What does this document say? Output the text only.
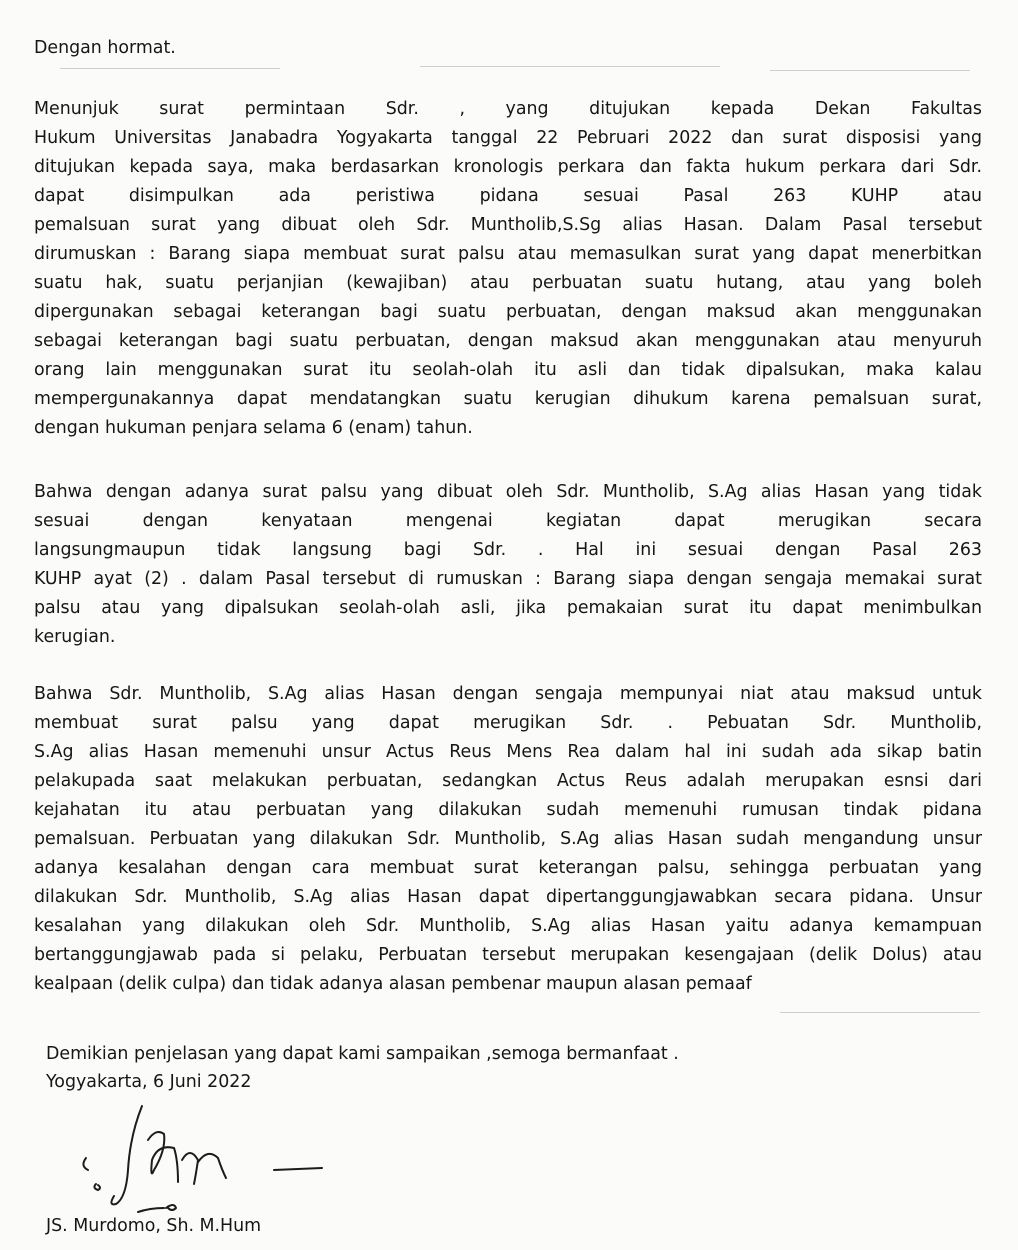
Dengan hormat.
Menunjuk surat permintaan Sdr. , yang ditujukan kepada Dekan Fakultas
Hukum Universitas Janabadra Yogyakarta tanggal 22 Pebruari 2022 dan surat disposisi yang
ditujukan kepada saya, maka berdasarkan kronologis perkara dan fakta hukum perkara dari Sdr.
dapat disimpulkan ada peristiwa pidana sesuai Pasal 263 KUHP atau
pemalsuan surat yang dibuat oleh Sdr. Muntholib,S.Sg alias Hasan. Dalam Pasal tersebut
dirumuskan : Barang siapa membuat surat palsu atau memasulkan surat yang dapat menerbitkan
suatu hak, suatu perjanjian (kewajiban) atau perbuatan suatu hutang, atau yang boleh
dipergunakan sebagai keterangan bagi suatu perbuatan, dengan maksud akan menggunakan
sebagai keterangan bagi suatu perbuatan, dengan maksud akan menggunakan atau menyuruh
orang lain menggunakan surat itu seolah-olah itu asli dan tidak dipalsukan, maka kalau
mempergunakannya dapat mendatangkan suatu kerugian dihukum karena pemalsuan surat,
dengan hukuman penjara selama 6 (enam) tahun.
Bahwa dengan adanya surat palsu yang dibuat oleh Sdr. Muntholib, S.Ag alias Hasan yang tidak
sesuai dengan kenyataan mengenai kegiatan dapat merugikan secara
langsungmaupun tidak langsung bagi Sdr. . Hal ini sesuai dengan Pasal 263
KUHP ayat (2) . dalam Pasal tersebut di rumuskan : Barang siapa dengan sengaja memakai surat
palsu atau yang dipalsukan seolah-olah asli, jika pemakaian surat itu dapat menimbulkan
kerugian.
Bahwa Sdr. Muntholib, S.Ag alias Hasan dengan sengaja mempunyai niat atau maksud untuk
membuat surat palsu yang dapat merugikan Sdr. . Pebuatan Sdr. Muntholib,
S.Ag alias Hasan memenuhi unsur Actus Reus Mens Rea dalam hal ini sudah ada sikap batin
pelakupada saat melakukan perbuatan, sedangkan Actus Reus adalah merupakan esnsi dari
kejahatan itu atau perbuatan yang dilakukan sudah memenuhi rumusan tindak pidana
pemalsuan. Perbuatan yang dilakukan Sdr. Muntholib, S.Ag alias Hasan sudah mengandung unsur
adanya kesalahan dengan cara membuat surat keterangan palsu, sehingga perbuatan yang
dilakukan Sdr. Muntholib, S.Ag alias Hasan dapat dipertanggungjawabkan secara pidana. Unsur
kesalahan yang dilakukan oleh Sdr. Muntholib, S.Ag alias Hasan yaitu adanya kemampuan
bertanggungjawab pada si pelaku, Perbuatan tersebut merupakan kesengajaan (delik Dolus) atau
kealpaan (delik culpa) dan tidak adanya alasan pembenar maupun alasan pemaaf
Demikian penjelasan yang dapat kami sampaikan ,semoga bermanfaat .
Yogyakarta, 6 Juni 2022
JS. Murdomo, Sh. M.Hum
